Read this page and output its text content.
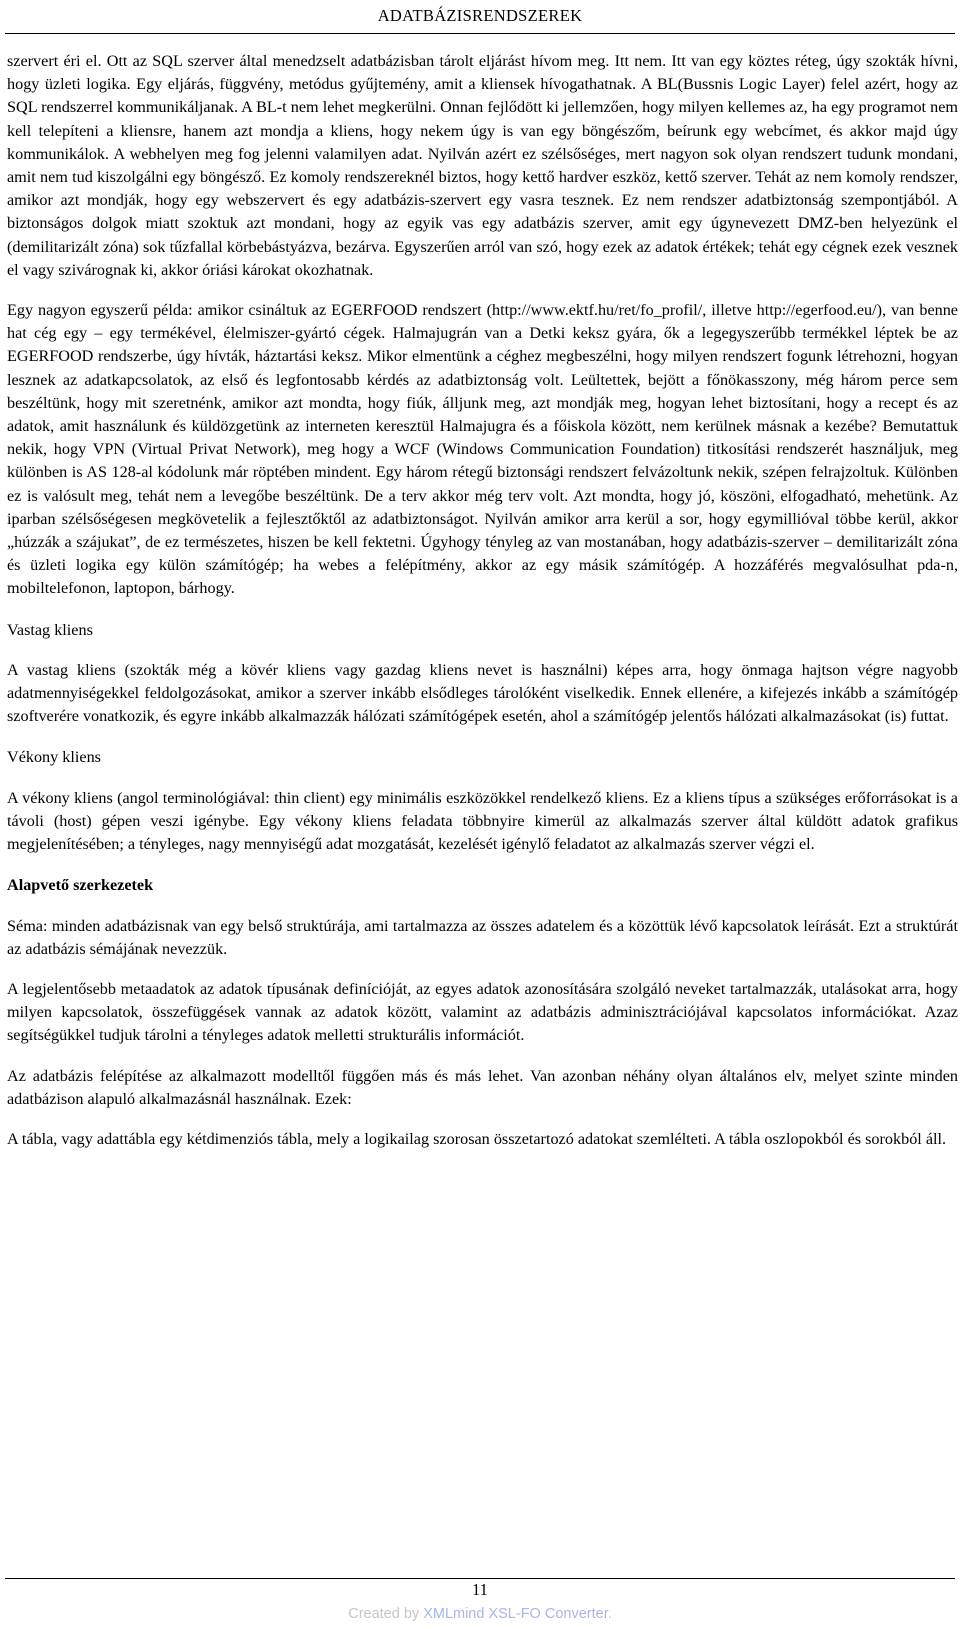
ADATBÁZISRENDSZEREK

szervert éri el. Ott az SQL szerver által menedzselt adatbázisban tárolt eljárást hívom meg. Itt nem. Itt van egy köztes réteg, úgy szokták hívni, hogy üzleti logika. Egy eljárás, függvény, metódus gyűjtemény, amit a kliensek hívogathatnak. A BL(Bussnis Logic Layer) felel azért, hogy az SQL rendszerrel kommunikáljanak. A BL-t nem lehet megkerülni. Onnan fejlődött ki jellemzően, hogy milyen kellemes az, ha egy programot nem kell telepíteni a kliensre, hanem azt mondja a kliens, hogy nekem úgy is van egy böngészőm, beírunk egy webcímet, és akkor majd úgy kommunikálok. A webhelyen meg fog jelenni valamilyen adat. Nyilván azért ez szélsőséges, mert nagyon sok olyan rendszert tudunk mondani, amit nem tud kiszolgálni egy böngésző. Ez komoly rendszereknél biztos, hogy kettő hardver eszköz, kettő szerver. Tehát az nem komoly rendszer, amikor azt mondják, hogy egy webszervert és egy adatbázis-szervert egy vasra tesznek. Ez nem rendszer adatbiztonság szempontjából. A biztonságos dolgok miatt szoktuk azt mondani, hogy az egyik vas egy adatbázis szerver, amit egy úgynevezett DMZ-ben helyezünk el (demilitarizált zóna) sok tűzfallal körbebástyázva, bezárva. Egyszerűen arról van szó, hogy ezek az adatok értékek; tehát egy cégnek ezek vesznek el vagy szivárognak ki, akkor óriási károkat okozhatnak.

Egy nagyon egyszerű példa: amikor csináltuk az EGERFOOD rendszert (http://www.ektf.hu/ret/fo_profil/, illetve http://egerfood.eu/), van benne hat cég egy – egy termékével, élelmiszer-gyártó cégek. Halmajugrán van a Detki keksz gyára, ők a legegyszerűbb termékkel léptek be az EGERFOOD rendszerbe, úgy hívták, háztartási keksz. Mikor elmentünk a céghez megbeszélni, hogy milyen rendszert fogunk létrehozni, hogyan lesznek az adatkapcsolatok, az első és legfontosabb kérdés az adatbiztonság volt. Leültettek, bejött a főnökasszony, még három perce sem beszéltünk, hogy mit szeretnénk, amikor azt mondta, hogy fiúk, álljunk meg, azt mondják meg, hogyan lehet biztosítani, hogy a recept és az adatok, amit használunk és küldözgetünk az interneten keresztül Halmajugra és a főiskola között, nem kerülnek másnak a kezébe? Bemutattuk nekik, hogy VPN (Virtual Privat Network), meg hogy a WCF (Windows Communication Foundation) titkosítási rendszerét használjuk, meg különben is AS 128-al kódolunk már röptében mindent. Egy három rétegű biztonsági rendszert felvázoltunk nekik, szépen felrajzoltuk. Különben ez is valósult meg, tehát nem a levegőbe beszéltünk. De a terv akkor még terv volt. Azt mondta, hogy jó, köszöni, elfogadható, mehetünk. Az iparban szélsőségesen megkövetelik a fejlesztőktől az adatbiztonságot. Nyilván amikor arra kerül a sor, hogy egymillióval többe kerül, akkor „húzzák a szájukat”, de ez természetes, hiszen be kell fektetni. Úgyhogy tényleg az van mostanában, hogy adatbázis-szerver – demilitarizált zóna és üzleti logika egy külön számítógép; ha webes a felépítmény, akkor az egy másik számítógép. A hozzáférés megvalósulhat pda-n, mobiltelefonon, laptopon, bárhogy.

Vastag kliens

A vastag kliens (szokták még a kövér kliens vagy gazdag kliens nevet is használni) képes arra, hogy önmaga hajtson végre nagyobb adatmennyiségekkel feldolgozásokat, amikor a szerver inkább elsődleges tárolóként viselkedik. Ennek ellenére, a kifejezés inkább a számítógép szoftverére vonatkozik, és egyre inkább alkalmazzák hálózati számítógépek esetén, ahol a számítógép jelentős hálózati alkalmazásokat (is) futtat.

Vékony kliens

A vékony kliens (angol terminológiával: thin client) egy minimális eszközökkel rendelkező kliens. Ez a kliens típus a szükséges erőforrásokat is a távoli (host) gépen veszi igénybe. Egy vékony kliens feladata többnyire kimerül az alkalmazás szerver által küldött adatok grafikus megjelenítésében; a tényleges, nagy mennyiségű adat mozgatását, kezelését igénylő feladatot az alkalmazás szerver végzi el.

Alapvető szerkezetek

Séma: minden adatbázisnak van egy belső struktúrája, ami tartalmazza az összes adatelem és a közöttük lévő kapcsolatok leírását. Ezt a struktúrát az adatbázis sémájának nevezzük.

A legjelentősebb metaadatok az adatok típusának definícióját, az egyes adatok azonosítására szolgáló neveket tartalmazzák, utalásokat arra, hogy milyen kapcsolatok, összefüggések vannak az adatok között, valamint az adatbázis adminisztrációjával kapcsolatos információkat. Azaz segítségükkel tudjuk tárolni a tényleges adatok melletti strukturális információt.

Az adatbázis felépítése az alkalmazott modelltől függően más és más lehet. Van azonban néhány olyan általános elv, melyet szinte minden adatbázison alapuló alkalmazásnál használnak. Ezek:

A tábla, vagy adattábla egy kétdimenziós tábla, mely a logikailag szorosan összetartozó adatokat szemlélteti. A tábla oszlopokból és sorokból áll.

11
Created by XMLmind XSL-FO Converter.
